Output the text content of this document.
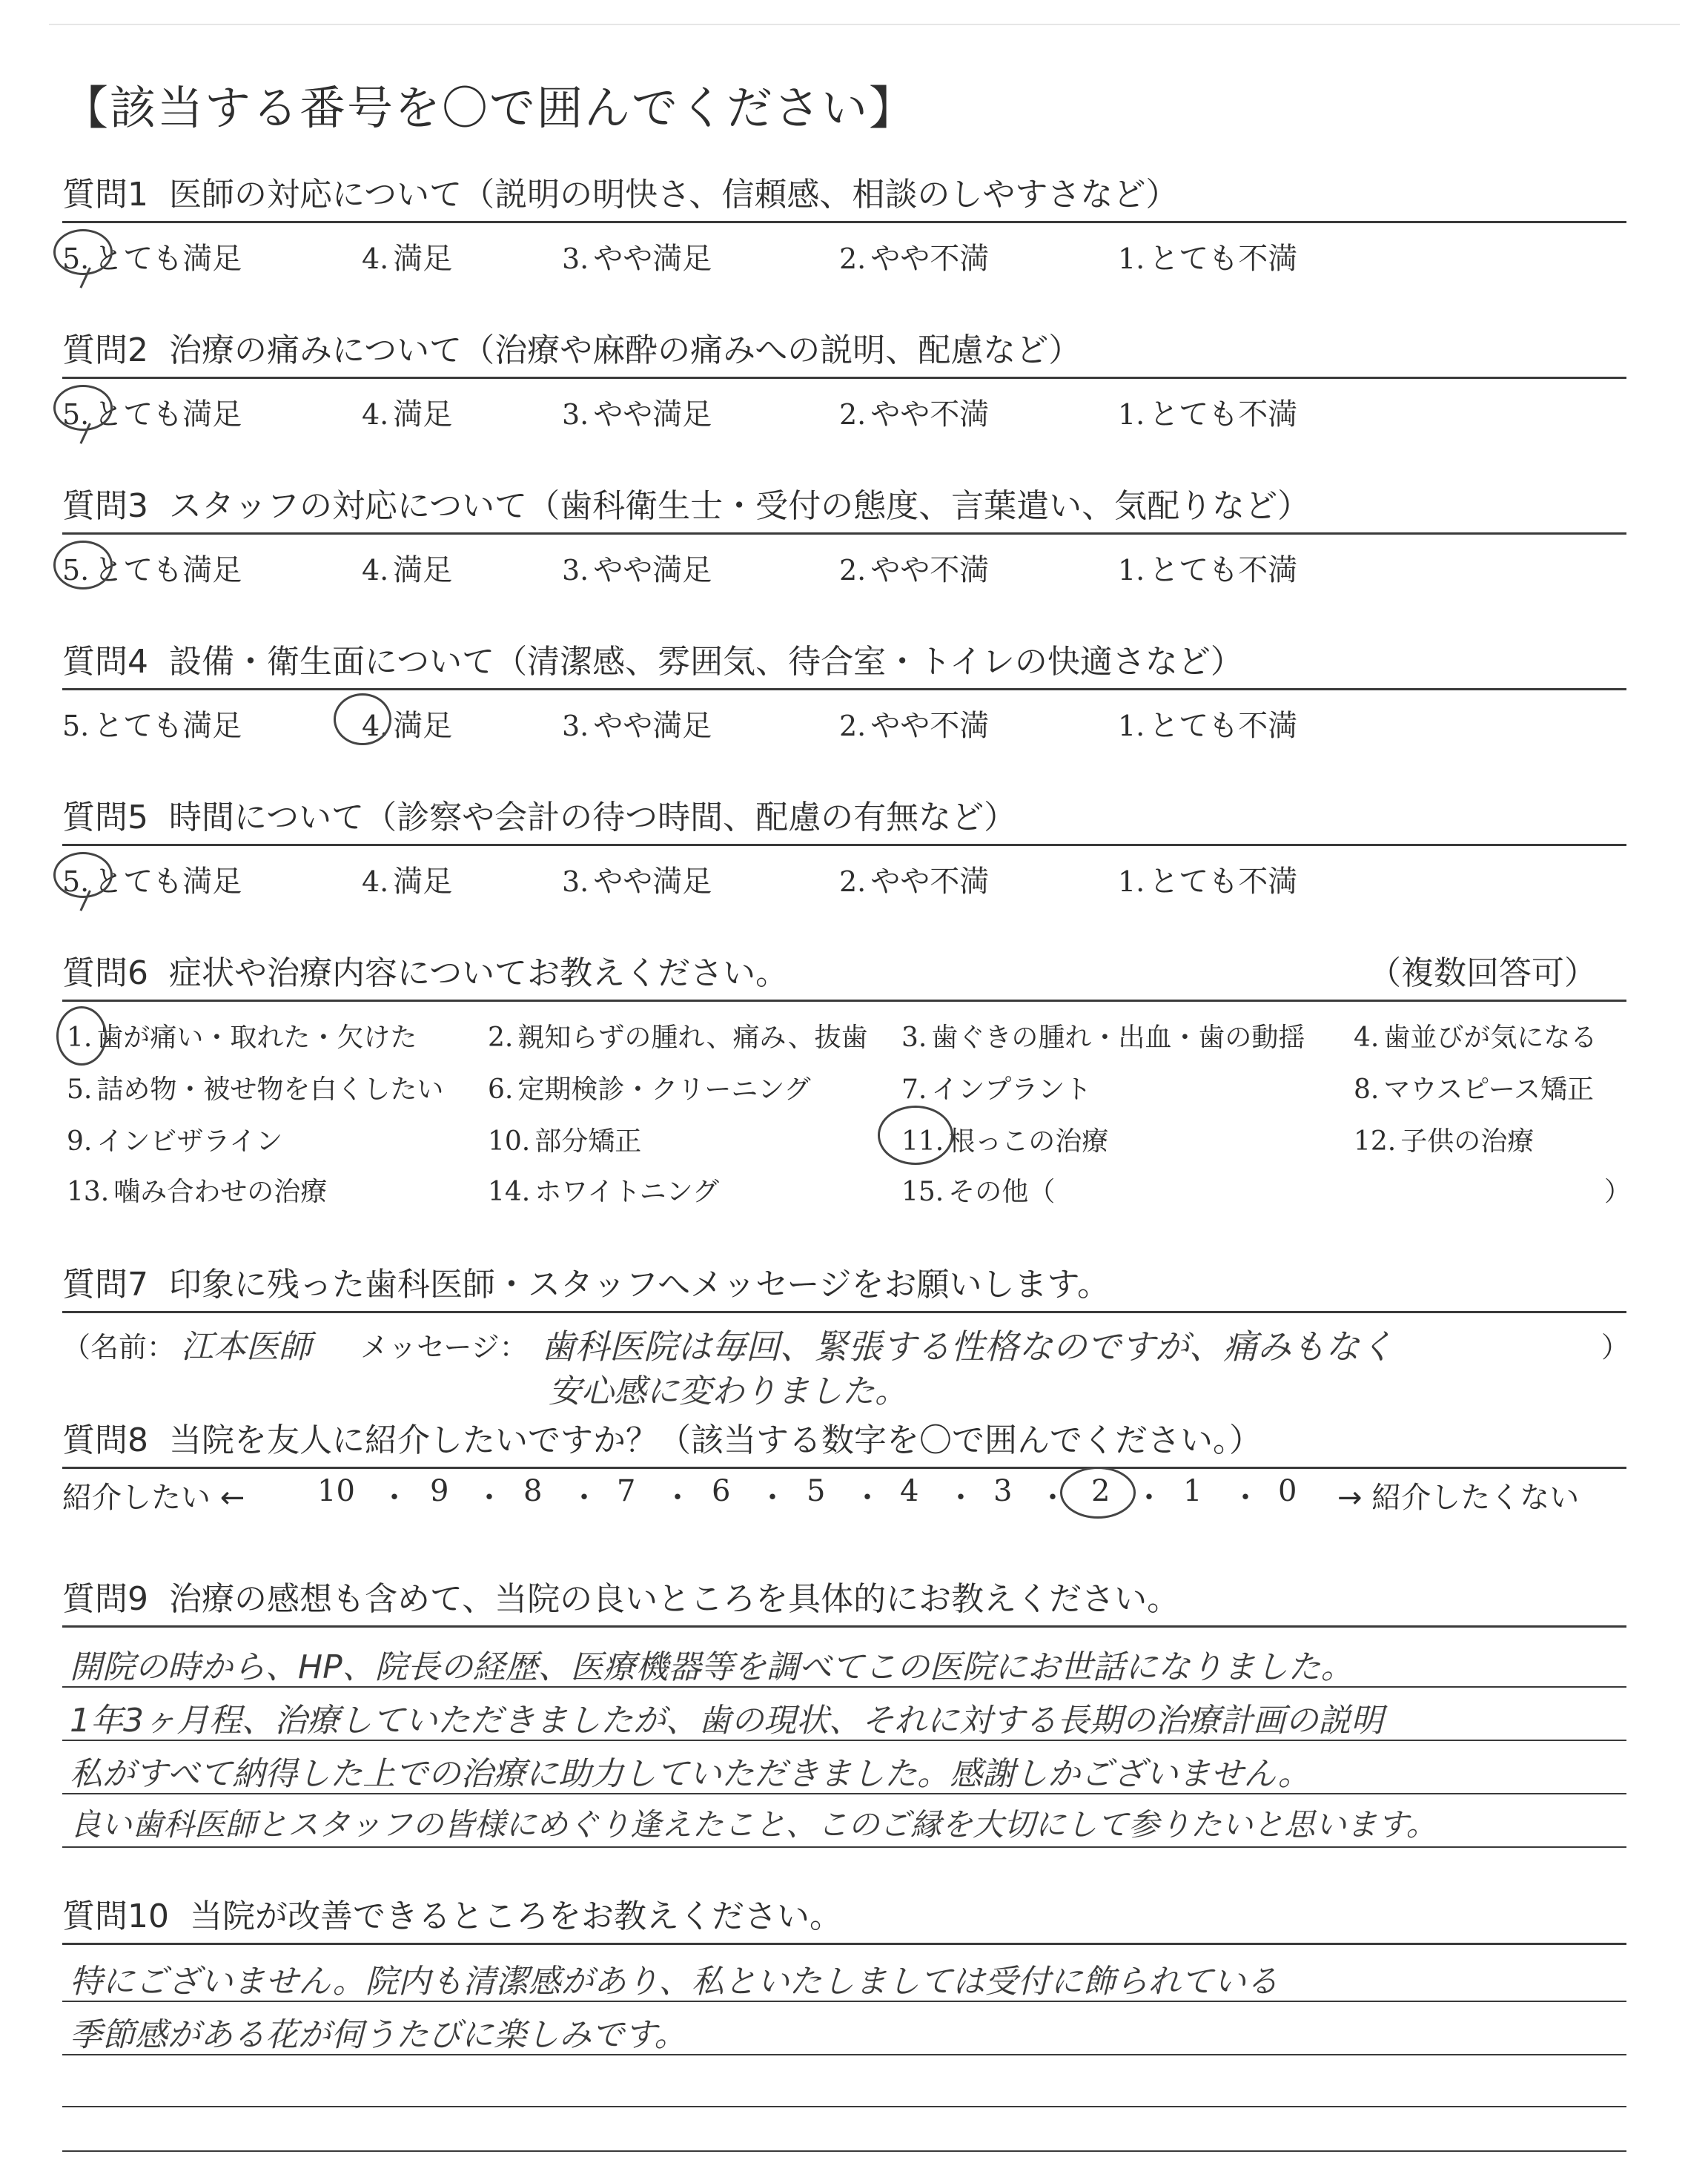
【該当する番号を〇で囲んでください】
質問1 医師の対応について（説明の明快さ、信頼感、相談のしやすさなど）
5. とても満足	4. 満足	3. やや満足	2. やや不満	1. とても不満
質問2 治療の痛みについて（治療や麻酔の痛みへの説明、配慮など）
5. とても満足	4. 満足	3. やや満足	2. やや不満	1. とても不満
質問3 スタッフの対応について（歯科衛生士・受付の態度、言葉遣い、気配りなど）
5. とても満足	4. 満足	3. やや満足	2. やや不満	1. とても不満
質問4 設備・衛生面について（清潔感、雰囲気、待合室・トイレの快適さなど）
5. とても満足	4. 満足	3. やや満足	2. やや不満	1. とても不満
質問5 時間について（診察や会計の待つ時間、配慮の有無など）
5. とても満足	4. 満足	3. やや満足	2. やや不満	1. とても不満
質問6 症状や治療内容についてお教えください。	（複数回答可）
1. 歯が痛い・取れた・欠けた	2. 親知らずの腫れ、痛み、抜歯 3. 歯ぐきの腫れ・出血・歯の動揺 4. 歯並びが気になる
5. 詰め物・被せ物を白くしたい 6. 定期検診・クリーニング	7. インプラント	8. マウスピース矯正
9. インビザライン	10. 部分矯正	11. 根っこの治療	12. 子供の治療
13. 噛み合わせの治療	14. ホワイトニング	15. その他（	）
質問7 印象に残った歯科医師・スタッフへメッセージをお願いします。
（名前： 江本医師 メッセージ： 歯科医院は毎回、緊張する性格なのですが、痛みもなく
安心感に変わりました。
）
質問8 当院を友人に紹介したいですか？（該当する数字を〇で囲んでください。）
紹介したい ← 10 ・ 9 ・ 8 ・ 7 ・ 6 ・ 5 ・ 4 ・ 3 ・ 2 ・ 1 ・ 0 → 紹介したくない
質問9 治療の感想も含めて、当院の良いところを具体的にお教えください。
開院の時から、HP、院長の経歴、医療機器等を調べてこの医院にお世話になりました。
1年3ヶ月程、治療していただきましたが、歯の現状、それに対する長期の治療計画の説明
私がすべて納得した上での治療に助力していただきました。感謝しかございません。
良い歯科医師とスタッフの皆様にめぐり逢えたこと、このご縁を大切にして参りたいと思います。
質問10 当院が改善できるところをお教えください。
特にございません。院内も清潔感があり、私といたしましては受付に飾られている
季節感がある花が伺うたびに楽しみです。
